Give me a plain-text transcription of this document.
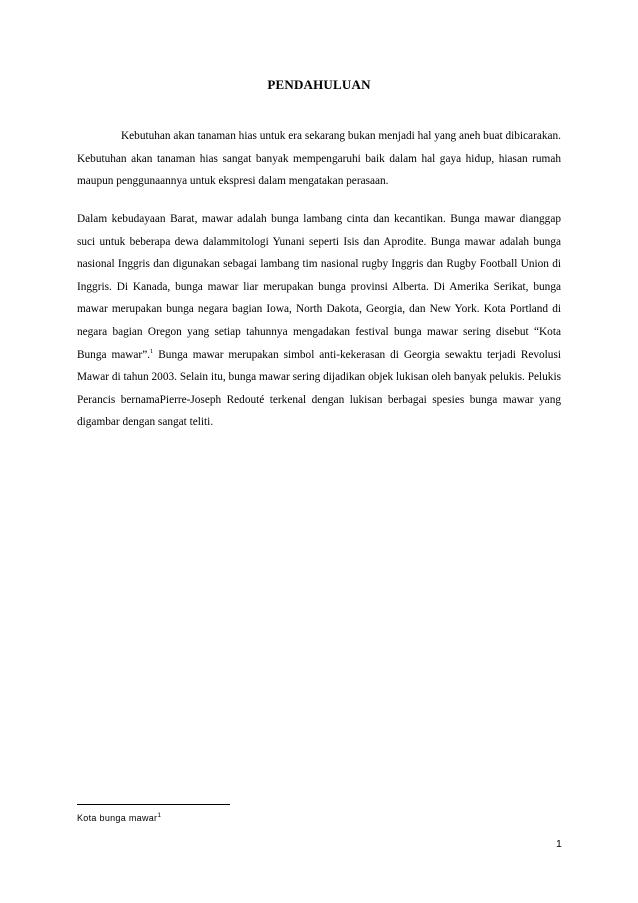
PENDAHULUAN

Kebutuhan akan tanaman hias untuk era sekarang bukan menjadi hal yang aneh buat dibicarakan. Kebutuhan akan tanaman hias sangat banyak mempengaruhi baik dalam hal gaya hidup, hiasan rumah maupun penggunaannya untuk ekspresi dalam mengatakan perasaan.

Dalam kebudayaan Barat, mawar adalah bunga lambang cinta dan kecantikan. Bunga mawar dianggap suci untuk beberapa dewa dalammitologi Yunani seperti Isis dan Aprodite. Bunga mawar adalah bunga nasional Inggris dan digunakan sebagai lambang tim nasional rugby Inggris dan Rugby Football Union di Inggris. Di Kanada, bunga mawar liar merupakan bunga provinsi Alberta. Di Amerika Serikat, bunga mawar merupakan bunga negara bagian Iowa, North Dakota, Georgia, dan New York. Kota Portland di negara bagian Oregon yang setiap tahunnya mengadakan festival bunga mawar sering disebut “Kota Bunga mawar”.$^1$ Bunga mawar merupakan simbol anti-kekerasan di Georgia sewaktu terjadi Revolusi Mawar di tahun 2003. Selain itu, bunga mawar sering dijadikan objek lukisan oleh banyak pelukis. Pelukis Perancis bernamaPierre-Joseph Redouté terkenal dengan lukisan berbagai spesies bunga mawar yang digambar dengan sangat teliti.

Kota bunga mawar$^1$
1
